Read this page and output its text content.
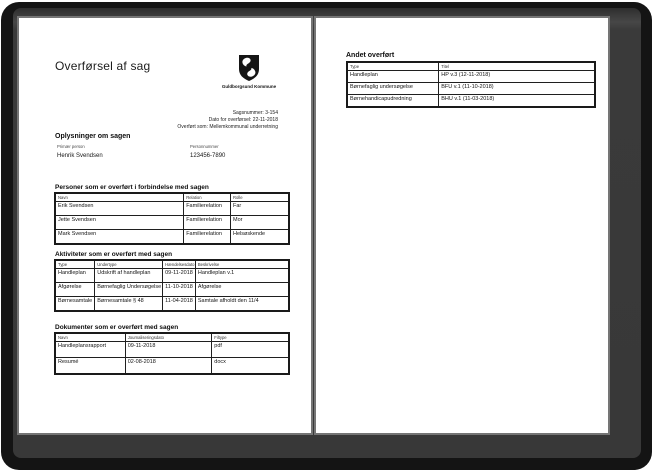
Overførsel af sag
Guldborgsund Kommune
Sagsnummer: 3-154
Dato for overførsel: 22-11-2018
Overført som: Mellemkommunal underretning
Oplysninger om sagen
Primær person	Personnummer
Henrik Svendsen	123456-7890
Personer som er overført i forbindelse med sagen
Navn	Relation	Rolle
Erik Svendsen	Familierelation	Far
Jette Svendsen	Familierelation	Mor
Mark Svendsen	Familierelation	Helsøskende
Aktiviteter som er overført med sagen
Type	Undertype	Hændelsesdato	Beskrivelse
Handleplan	Udskrift af handleplan	09-11-2018	Handleplan v.1
Afgørelse	Børnefaglig Undersøgelse	11-10-2018	Afgørelse
Børnesamtale	Børnesamtale § 48	11-04-2018	Samtale afholdt den 11/4
Dokumenter som er overført med sagen
Navn	Journaliseringsdato	Filtype
Handleplansrapport	09-11-2018	pdf
Resumé	02-08-2018	docx
Andet overført
Type	Titel
Handleplan	HP v.3 (12-11-2018)
Børnefaglig undersøgelse	BFU v.1 (11-10-2018)
Børnehandicapudredning	BHU v.1 (11-03-2018)
